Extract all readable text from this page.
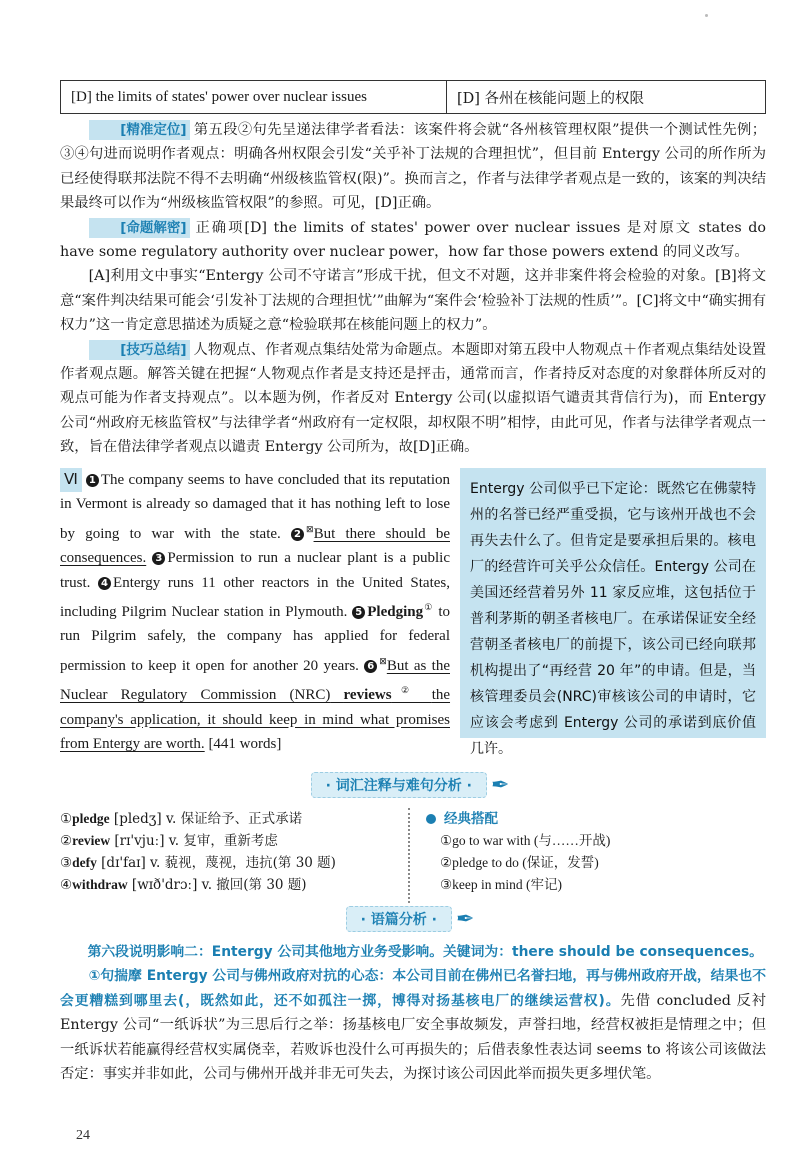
[D] the limits of states' power over nuclear issues	[D] 各州在核能问题上的权限

[精准定位] 第五段②句先呈递法律学者看法：该案件将会就“各州核管理权限”提供一个测试性先例；③④句进而说明作者观点：明确各州权限会引发“关乎补丁法规的合理担忧”，但目前 Entergy 公司的所作所为已经使得联邦法院不得不去明确“州级核监管权(限)”。换而言之，作者与法律学者观点是一致的，该案的判决结果最终可以作为“州级核监管权限”的参照。可见，[D]正确。

[命题解密] 正确项[D] the limits of states' power over nuclear issues 是对原文 states do have some regulatory authority over nuclear power，how far those powers extend 的同义改写。

[A]利用文中事实“Entergy 公司不守诺言”形成干扰，但文不对题，这并非案件将会检验的对象。[B]将文意“案件判决结果可能会‘引发补丁法规的合理担忧’”曲解为“案件会‘检验补丁法规的性质’”。[C]将文中“确实拥有权力”这一肯定意思描述为质疑之意“检验联邦在核能问题上的权力”。

[技巧总结] 人物观点、作者观点集结处常为命题点。本题即对第五段中人物观点＋作者观点集结处设置作者观点题。解答关键在把握“人物观点作者是支持还是抨击，通常而言，作者持反对态度的对象群体所反对的观点可能为作者支持观点”。以本题为例，作者反对 Entergy 公司(以虚拟语气谴责其背信行为)，而 Entergy 公司“州政府无核监管权”与法律学者“州政府有一定权限，却权限不明”相悖，由此可见，作者与法律学者观点一致，旨在借法律学者观点以谴责 Entergy 公司所为，故[D]正确。

Ⅵ 1 The company seems to have concluded that its reputation in Vermont is already so damaged that it has nothing left to lose by going to war with the state. 2 ⊠But there should be consequences. 3 Permission to run a nuclear plant is a public trust. 4 Entergy runs 11 other reactors in the United States, including Pilgrim Nuclear station in Plymouth. 5 Pledging① to run Pilgrim safely, the company has applied for federal permission to keep it open for another 20 years. 6 ⊠But as the Nuclear Regulatory Commission (NRC) reviews② the company's application, it should keep in mind what promises from Entergy are worth. [441 words]
Entergy 公司似乎已下定论：既然它在佛蒙特州的名誉已经严重受损，它与该州开战也不会再失去什么了。但肯定是要承担后果的。核电厂的经营许可关乎公众信任。Entergy 公司在美国还经营着另外 11 家反应堆，这包括位于普利茅斯的朝圣者核电厂。在承诺保证安全经营朝圣者核电厂的前提下，该公司已经向联邦机构提出了“再经营 20 年”的申请。但是，当核管理委员会(NRC)审核该公司的申请时，它应该会考虑到 Entergy 公司的承诺到底价值几许。
· 词汇注释与难句分析 · ✒
①pledge [pledʒ] v. 保证给予、正式承诺
②review [rɪ'vjuː] v. 复审，重新考虑
③defy [dɪ'faɪ] v. 藐视，蔑视，违抗(第 30 题)
④withdraw [wɪð'drɔː] v. 撤回(第 30 题)
经典搭配
①go to war with (与……开战)
②pledge to do (保证，发誓)
③keep in mind (牢记)
· 语篇分析 · ✒

第六段说明影响二：Entergy 公司其他地方业务受影响。关键词为：there should be consequences。

①句揣摩 Entergy 公司与佛州政府对抗的心态：本公司目前在佛州已名誉扫地，再与佛州政府开战，结果也不会更糟糕到哪里去(，既然如此，还不如孤注一掷，博得对扬基核电厂的继续运营权)。先借 concluded 反衬 Entergy 公司“一纸诉状”为三思后行之举：扬基核电厂安全事故频发，声誉扫地，经营权被拒是情理之中；但一纸诉状若能赢得经营权实属侥幸，若败诉也没什么可再损失的；后借表象性表达词 seems to 将该公司该做法否定：事实并非如此，公司与佛州开战并非无可失去，为探讨该公司因此举而损失更多埋伏笔。

24
